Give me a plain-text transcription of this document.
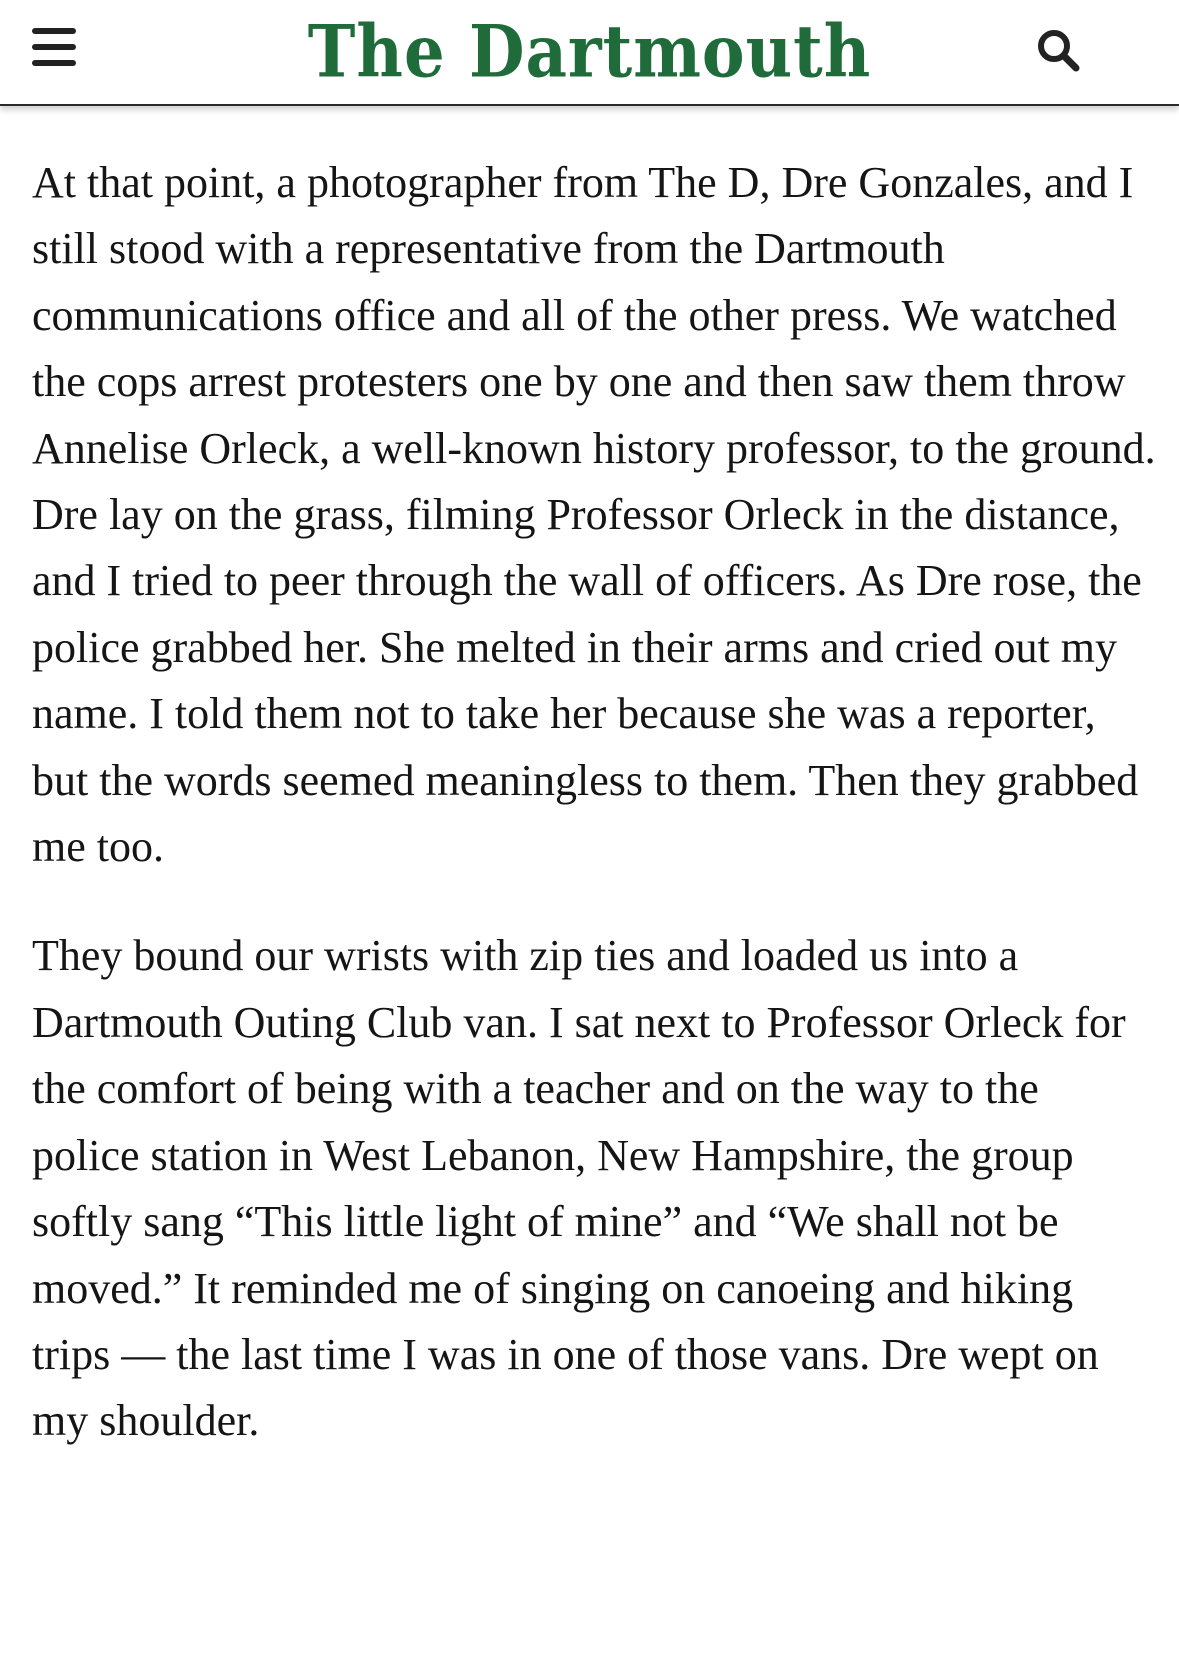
The Dartmouth

At that point, a photographer from The D, Dre Gonzales, and I still stood with a representative from the Dartmouth communications office and all of the other press. We watched the cops arrest protesters one by one and then saw them throw Annelise Orleck, a well-known history professor, to the ground. Dre lay on the grass, filming Professor Orleck in the distance, and I tried to peer through the wall of officers. As Dre rose, the police grabbed her. She melted in their arms and cried out my name. I told them not to take her because she was a reporter, but the words seemed meaningless to them. Then they grabbed me too.

They bound our wrists with zip ties and loaded us into a Dartmouth Outing Club van. I sat next to Professor Orleck for the comfort of being with a teacher and on the way to the police station in West Lebanon, New Hampshire, the group softly sang “This little light of mine” and “We shall not be moved.” It reminded me of singing on canoeing and hiking trips — the last time I was in one of those vans. Dre wept on my shoulder.
